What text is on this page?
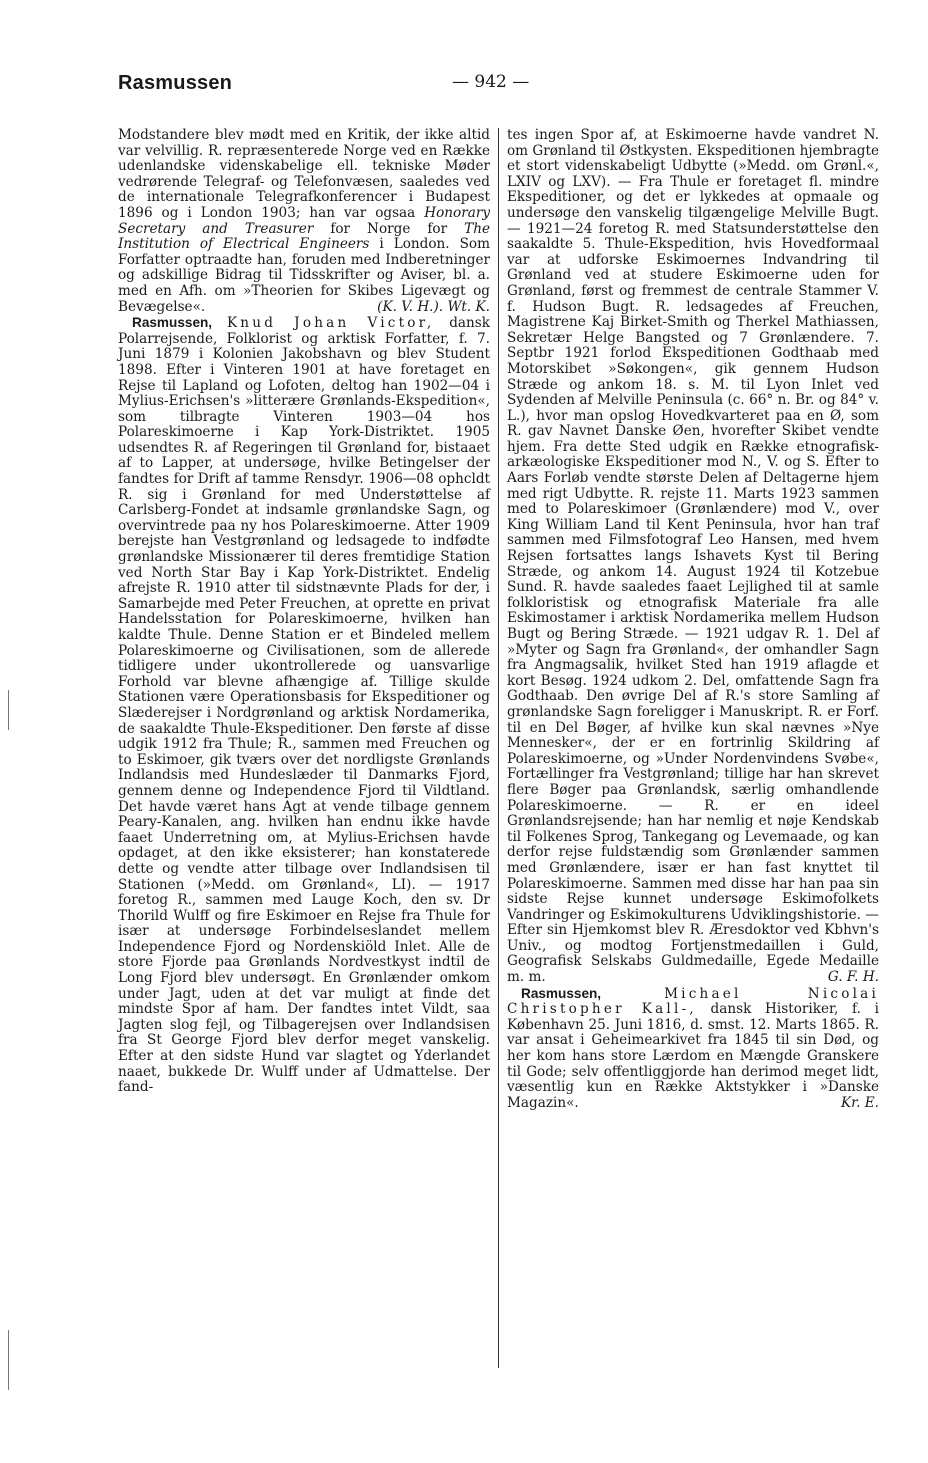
Rasmussen	— 942 —

Modstandere blev mødt med en Kritik, der ikke altid var velvillig. R. repræsenterede Norge ved en Række udenlandske videnskabelige ell. tekniske Møder vedrørende Telegraf- og Telefonvæsen, saaledes ved de internationale Telegrafkonferencer i Budapest 1896 og i London 1903; han var ogsaa Honorary Secretary and Treasurer for Norge for The Institution of Electrical Engineers i London. Som Forfatter optraadte han, foruden med Indberetninger og adskillige Bidrag til Tidsskrifter og Aviser, bl. a. med en Afh. om »Theorien for Skibes Ligevægt og Bevægelse«.	(K. V. H.). Wt. K.

Rasmussen, Knud Johan Victor, dansk Polarrejsende, Folklorist og arktisk Forfatter, f. 7. Juni 1879 i Kolonien Jakobshavn og blev Student 1898. Efter i Vinteren 1901 at have foretaget en Rejse til Lapland og Lofoten, deltog han 1902—04 i Mylius-Erichsen's »litterære Grønlands-Ekspedition«, som tilbragte Vinteren 1903—04 hos Polareskimoerne i Kap York-Distriktet. 1905 udsendtes R. af Regeringen til Grønland for, bistaaet af to Lapper, at undersøge, hvilke Betingelser der fandtes for Drift af tamme Rensdyr. 1906—08 ophcldt R. sig i Grønland for med Understøttelse af Carlsberg-Fondet at indsamle grønlandske Sagn, og overvintrede paa ny hos Polareskimoerne. Atter 1909 berejste han Vestgrønland og ledsagede to indfødte grønlandske Missionærer til deres fremtidige Station ved North Star Bay i Kap York-Distriktet. Endelig afrejste R. 1910 atter til sidstnævnte Plads for der, i Samarbejde med Peter Freuchen, at oprette en privat Handelsstation for Polareskimoerne, hvilken han kaldte Thule. Denne Station er et Bindeled mellem Polareskimoerne og Civilisationen, som de allerede tidligere under ukontrollerede og uansvarlige Forhold var blevne afhængige af. Tillige skulde Stationen være Operationsbasis for Ekspeditioner og Slæderejser i Nordgrønland og arktisk Nordamerika, de saakaldte Thule-Ekspeditioner. Den første af disse udgik 1912 fra Thule; R., sammen med Freuchen og to Eskimoer, gik tværs over det nordligste Grønlands Indlandsis med Hundeslæder til Danmarks Fjord, gennem denne og Independence Fjord til Vildtland. Det havde været hans Agt at vende tilbage gennem Peary-Kanalen, ang. hvilken han endnu ikke havde faaet Underretning om, at Mylius-Erichsen havde opdaget, at den ikke eksisterer; han konstaterede dette og vendte atter tilbage over Indlandsisen til Stationen (»Medd. om Grønland«, LI). — 1917 foretog R., sammen med Lauge Koch, den sv. Dr Thorild Wulff og fire Eskimoer en Rejse fra Thule for især at undersøge Forbindelseslandet mellem Independence Fjord og Nordenskiöld Inlet. Alle de store Fjorde paa Grønlands Nordvestkyst indtil de Long Fjord blev undersøgt. En Grønlænder omkom under Jagt, uden at det var muligt at finde det mindste Spor af ham. Der fandtes intet Vildt, saa Jagten slog fejl, og Tilbagerejsen over Indlandsisen fra St George Fjord blev derfor meget vanskelig. Efter at den sidste Hund var slagtet og Yderlandet naaet, bukkede Dr. Wulff under af Udmattelse. Der fand-

tes ingen Spor af, at Eskimoerne havde vandret N. om Grønland til Østkysten. Ekspeditionen hjembragte et stort videnskabeligt Udbytte (»Medd. om Grønl.«, LXIV og LXV). — Fra Thule er foretaget fl. mindre Ekspeditioner, og det er lykkedes at opmaale og undersøge den vanskelig tilgængelige Melville Bugt. — 1921—24 foretog R. med Statsunderstøttelse den saakaldte 5. Thule-Ekspedition, hvis Hovedformaal var at udforske Eskimoernes Indvandring til Grønland ved at studere Eskimoerne uden for Grønland, først og fremmest de centrale Stammer V. f. Hudson Bugt. R. ledsagedes af Freuchen, Magistrene Kaj Birket-Smith og Therkel Mathiassen, Sekretær Helge Bangsted og 7 Grønlændere. 7. Septbr 1921 forlod Ekspeditionen Godthaab med Motorskibet »Søkongen«, gik gennem Hudson Stræde og ankom 18. s. M. til Lyon Inlet ved Sydenden af Melville Peninsula (c. 66° n. Br. og 84° v. L.), hvor man opslog Hovedkvarteret paa en Ø, som R. gav Navnet Danske Øen, hvorefter Skibet vendte hjem. Fra dette Sted udgik en Række etnografisk-arkæologiske Ekspeditioner mod N., V. og S. Efter to Aars Forløb vendte største Delen af Deltagerne hjem med rigt Udbytte. R. rejste 11. Marts 1923 sammen med to Polareskimoer (Grønlændere) mod V., over King William Land til Kent Peninsula, hvor han traf sammen med Filmsfotograf Leo Hansen, med hvem Rejsen fortsattes langs Ishavets Kyst til Bering Stræde, og ankom 14. August 1924 til Kotzebue Sund. R. havde saaledes faaet Lejlighed til at samle folkloristisk og etnografisk Materiale fra alle Eskimostamer i arktisk Nordamerika mellem Hudson Bugt og Bering Stræde. — 1921 udgav R. 1. Del af »Myter og Sagn fra Grønland«, der omhandler Sagn fra Angmagsalik, hvilket Sted han 1919 aflagde et kort Besøg. 1924 udkom 2. Del, omfattende Sagn fra Godthaab. Den øvrige Del af R.'s store Samling af grønlandske Sagn foreligger i Manuskript. R. er Forf. til en Del Bøger, af hvilke kun skal nævnes »Nye Mennesker«, der er en fortrinlig Skildring af Polareskimoerne, og »Under Nordenvindens Svøbe«, Fortællinger fra Vestgrønland; tillige har han skrevet flere Bøger paa Grønlandsk, særlig omhandlende Polareskimoerne. — R. er en ideel Grønlandsrejsende; han har nemlig et nøje Kendskab til Folkenes Sprog, Tankegang og Levemaade, og kan derfor rejse fuldstændig som Grønlænder sammen med Grønlændere, især er han fast knyttet til Polareskimoerne. Sammen med disse har han paa sin sidste Rejse kunnet undersøge Eskimofolkets Vandringer og Eskimokulturens Udviklingshistorie. — Efter sin Hjemkomst blev R. Æresdoktor ved Kbhvn's Univ., og modtog Fortjenstmedaillen i Guld, Geografisk Selskabs Guldmedaille, Egede Medaille m. m.	G. F. H.

Rasmussen,	Michael Nicolai Christopher Kall-, dansk Historiker, f. i København 25. Juni 1816, d. smst. 12. Marts 1865. R. var ansat i Geheimearkivet fra 1845 til sin Død, og her kom hans store Lærdom en Mængde Granskere til Gode; selv offentliggjorde han derimod meget lidt, væsentlig kun en Række Aktstykker i »Danske Magazin«.	Kr. E.
